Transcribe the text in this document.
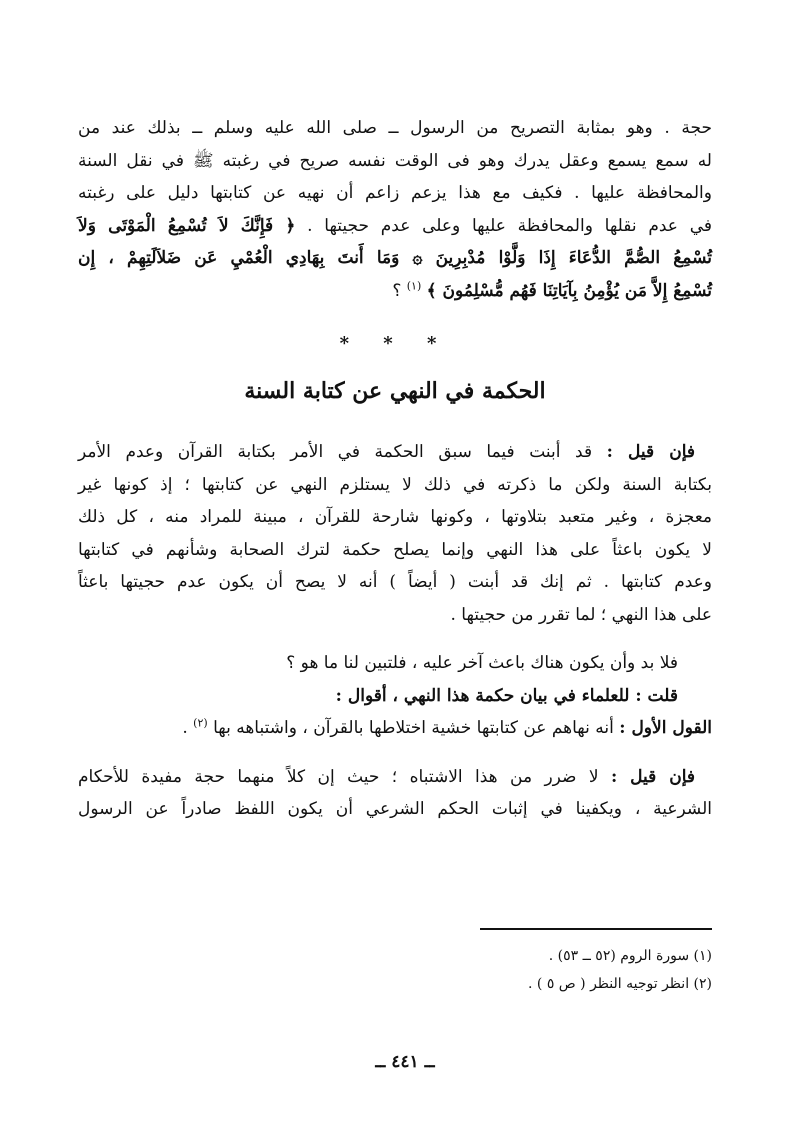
حجة . وهو بمثابة التصريح من الرسول ــ صلى الله عليه وسلم ــ بذلك عند من
له سمع يسمع وعقل يدرك وهو فى الوقت نفسه صريح في رغبته ﷺ في نقل السنة
والمحافظة عليها . فكيف مع هذا يزعم زاعم أن نهيه عن كتابتها دليل على رغبته
في عدم نقلها والمحافظة عليها وعلى عدم حجيتها . ﴿ فَإِنَّكَ لاَ تُسْمِعُ الْمَوْتَى وَلاَ
تُسْمِعُ الصُّمَّ الدُّعَاءَ إِذَا وَلَّوْا مُدْبِرِينَ ۞ وَمَا أَنتَ بِهَادِي الْعُمْيِ عَن ضَلاَلَتِهِمْ ، إِن
تُسْمِعُ إِلاَّ مَن يُؤْمِنُ بِآيَاتِنَا فَهُم مُّسْلِمُونَ ﴾ $^{(١)}$ ؟
* * *
الحكمة في النهي عن كتابة السنة
 فإن قيل : قد أبنت فيما سبق الحكمة في الأمر بكتابة القرآن وعدم الأمر
بكتابة السنة ولكن ما ذكرته في ذلك لا يستلزم النهي عن كتابتها ؛ إذ كونها غير
معجزة ، وغير متعبد بتلاوتها ، وكونها شارحة للقرآن ، مبينة للمراد منه ، كل ذلك
لا يكون باعثاً على هذا النهي وإنما يصلح حكمة لترك الصحابة وشأنهم في كتابتها
وعدم كتابتها . ثم إنك قد أبنت ( أيضاً ) أنه لا يصح أن يكون عدم حجيتها باعثاً
على هذا النهي ؛ لما تقرر من حجيتها .
  فلا بد وأن يكون هناك باعث آخر عليه ، فلتبين لنا ما هو ؟
  قلت : للعلماء في بيان حكمة هذا النهي ، أقوال :
القول الأول : أنه نهاهم عن كتابتها خشية اختلاطها بالقرآن ، واشتباهه بها $^{(٢)}$ .
 فإن قيل : لا ضرر من هذا الاشتباه ؛ حيث إن كلاً منهما حجة مفيدة للأحكام
الشرعية ، ويكفينا في إثبات الحكم الشرعي أن يكون اللفظ صادراً عن الرسول
(١) سورة الروم (٥٢ ــ ٥٣) .
(٢) انظر توجيه النظر ( ص ٥ ) .
ــ ٤٤١ ــ
